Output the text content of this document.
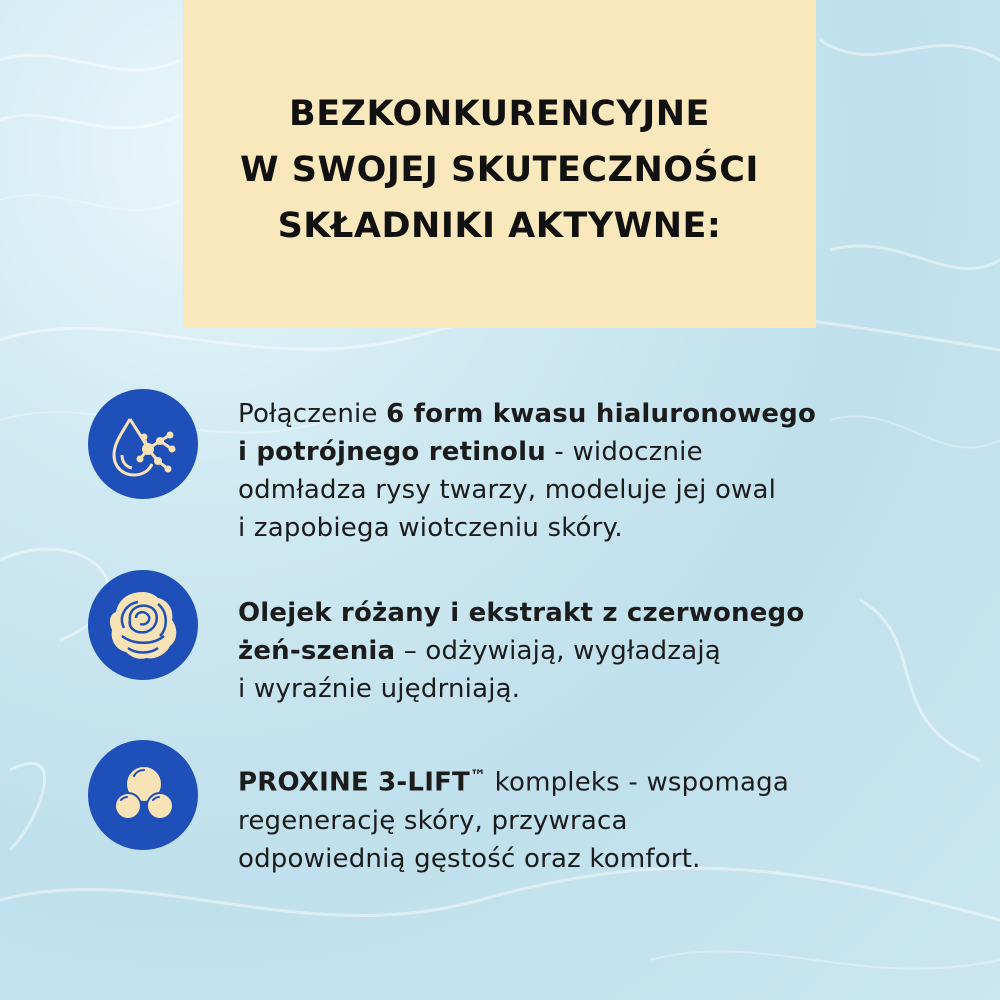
BEZKONKURENCYJNE
W SWOJEJ SKUTECZNOŚCI
SKŁADNIKI AKTYWNE:
Połączenie 6 form kwasu hialuronowego
i potrójnego retinolu - widocznie
odmładza rysy twarzy, modeluje jej owal
i zapobiega wiotczeniu skóry.
Olejek różany i ekstrakt z czerwonego
żeń-szenia – odżywiają, wygładzają
i wyraźnie ujędrniają.
PROXINE 3-LIFT™ kompleks - wspomaga
regenerację skóry, przywraca
odpowiednią gęstość oraz komfort.
